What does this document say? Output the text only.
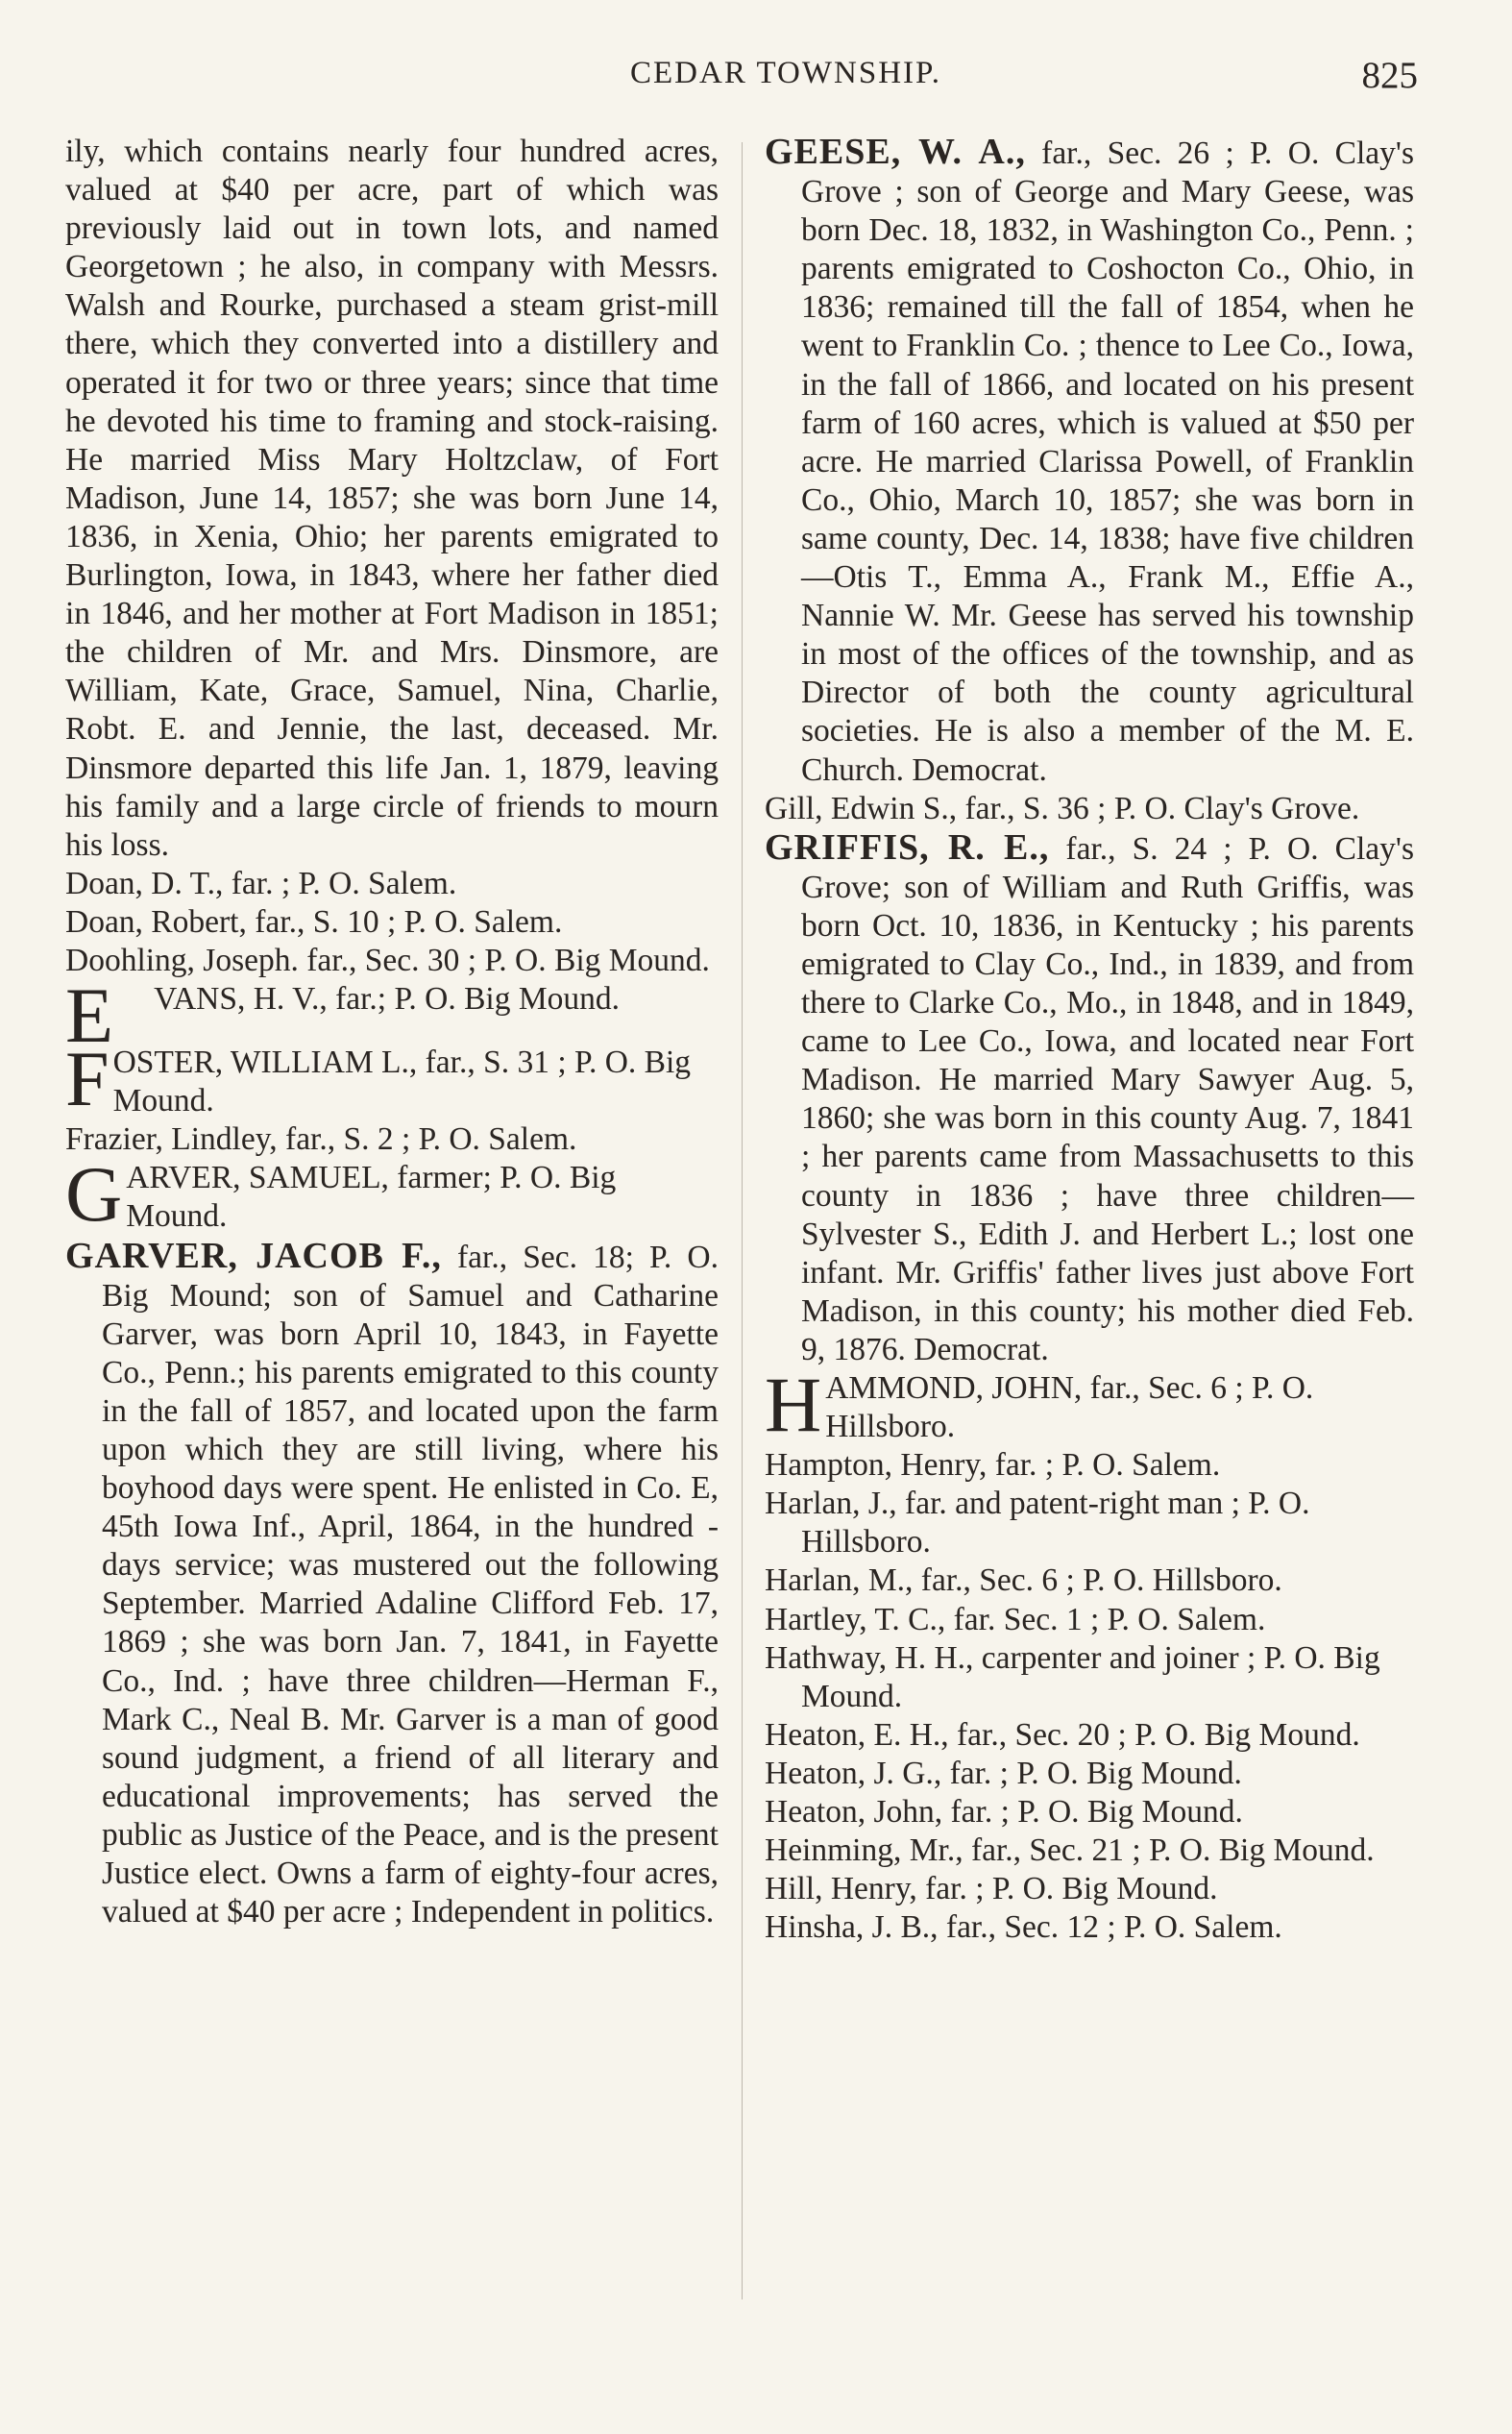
CEDAR TOWNSHIP.	825

ily, which contains nearly four hundred acres, valued at $40 per acre, part of which was previously laid out in town lots, and named Georgetown ; he also, in company with Messrs. Walsh and Rourke, purchased a steam grist-mill there, which they converted into a distillery and operated it for two or three years; since that time he devoted his time to framing and stock-raising. He married Miss Mary Holtzclaw, of Fort Madison, June 14, 1857; she was born June 14, 1836, in Xenia, Ohio; her parents emigrated to Burlington, Iowa, in 1843, where her father died in 1846, and her mother at Fort Madison in 1851; the children of Mr. and Mrs. Dinsmore, are William, Kate, Grace, Samuel, Nina, Charlie, Robt. E. and Jennie, the last, deceased. Mr. Dinsmore departed this life Jan. 1, 1879, leaving his family and a large circle of friends to mourn his loss.

Doan, D. T., far. ; P. O. Salem.

Doan, Robert, far., S. 10 ; P. O. Salem.

Doohling, Joseph. far., Sec. 30 ; P. O. Big Mound.

E VANS, H. V., far.; P. O. Big Mound.
F OSTER, WILLIAM L., far., S. 31 ; P. O. Big Mound.

Frazier, Lindley, far., S. 2 ; P. O. Salem.

G ARVER, SAMUEL, farmer; P. O. Big Mound.

GARVER, JACOB F., far., Sec. 18; P. O. Big Mound; son of Samuel and Catharine Garver, was born April 10, 1843, in Fayette Co., Penn.; his parents emigrated to this county in the fall of 1857, and located upon the farm upon which they are still living, where his boyhood days were spent. He enlisted in Co. E, 45th Iowa Inf., April, 1864, in the hundred - days service; was mustered out the following September. Married Adaline Clifford Feb. 17, 1869 ; she was born Jan. 7, 1841, in Fayette Co., Ind. ; have three children—Herman F., Mark C., Neal B. Mr. Garver is a man of good sound judgment, a friend of all literary and educational improvements; has served the public as Justice of the Peace, and is the present Justice elect. Owns a farm of eighty-four acres, valued at $40 per acre ; Independent in politics.

GEESE, W. A., far., Sec. 26 ; P. O. Clay's Grove ; son of George and Mary Geese, was born Dec. 18, 1832, in Washington Co., Penn. ; parents emigrated to Coshocton Co., Ohio, in 1836; remained till the fall of 1854, when he went to Franklin Co. ; thence to Lee Co., Iowa, in the fall of 1866, and located on his present farm of 160 acres, which is valued at $50 per acre. He married Clarissa Powell, of Franklin Co., Ohio, March 10, 1857; she was born in same county, Dec. 14, 1838; have five children—Otis T., Emma A., Frank M., Effie A., Nannie W. Mr. Geese has served his township in most of the offices of the township, and as Director of both the county agricultural societies. He is also a member of the M. E. Church. Democrat.

Gill, Edwin S., far., S. 36 ; P. O. Clay's Grove.

GRIFFIS, R. E., far., S. 24 ; P. O. Clay's Grove; son of William and Ruth Griffis, was born Oct. 10, 1836, in Kentucky ; his parents emigrated to Clay Co., Ind., in 1839, and from there to Clarke Co., Mo., in 1848, and in 1849, came to Lee Co., Iowa, and located near Fort Madison. He married Mary Sawyer Aug. 5, 1860; she was born in this county Aug. 7, 1841 ; her parents came from Massachusetts to this county in 1836 ; have three children—Sylvester S., Edith J. and Herbert L.; lost one infant. Mr. Griffis' father lives just above Fort Madison, in this county; his mother died Feb. 9, 1876. Democrat.

H AMMOND, JOHN, far., Sec. 6 ; P. O. Hillsboro.

Hampton, Henry, far. ; P. O. Salem.

Harlan, J., far. and patent-right man ; P. O. Hillsboro.

Harlan, M., far., Sec. 6 ; P. O. Hillsboro.

Hartley, T. C., far. Sec. 1 ; P. O. Salem.

Hathway, H. H., carpenter and joiner ; P. O. Big Mound.

Heaton, E. H., far., Sec. 20 ; P. O. Big Mound.

Heaton, J. G., far. ; P. O. Big Mound.

Heaton, John, far. ; P. O. Big Mound.

Heinming, Mr., far., Sec. 21 ; P. O. Big Mound.

Hill, Henry, far. ; P. O. Big Mound.

Hinsha, J. B., far., Sec. 12 ; P. O. Salem.
